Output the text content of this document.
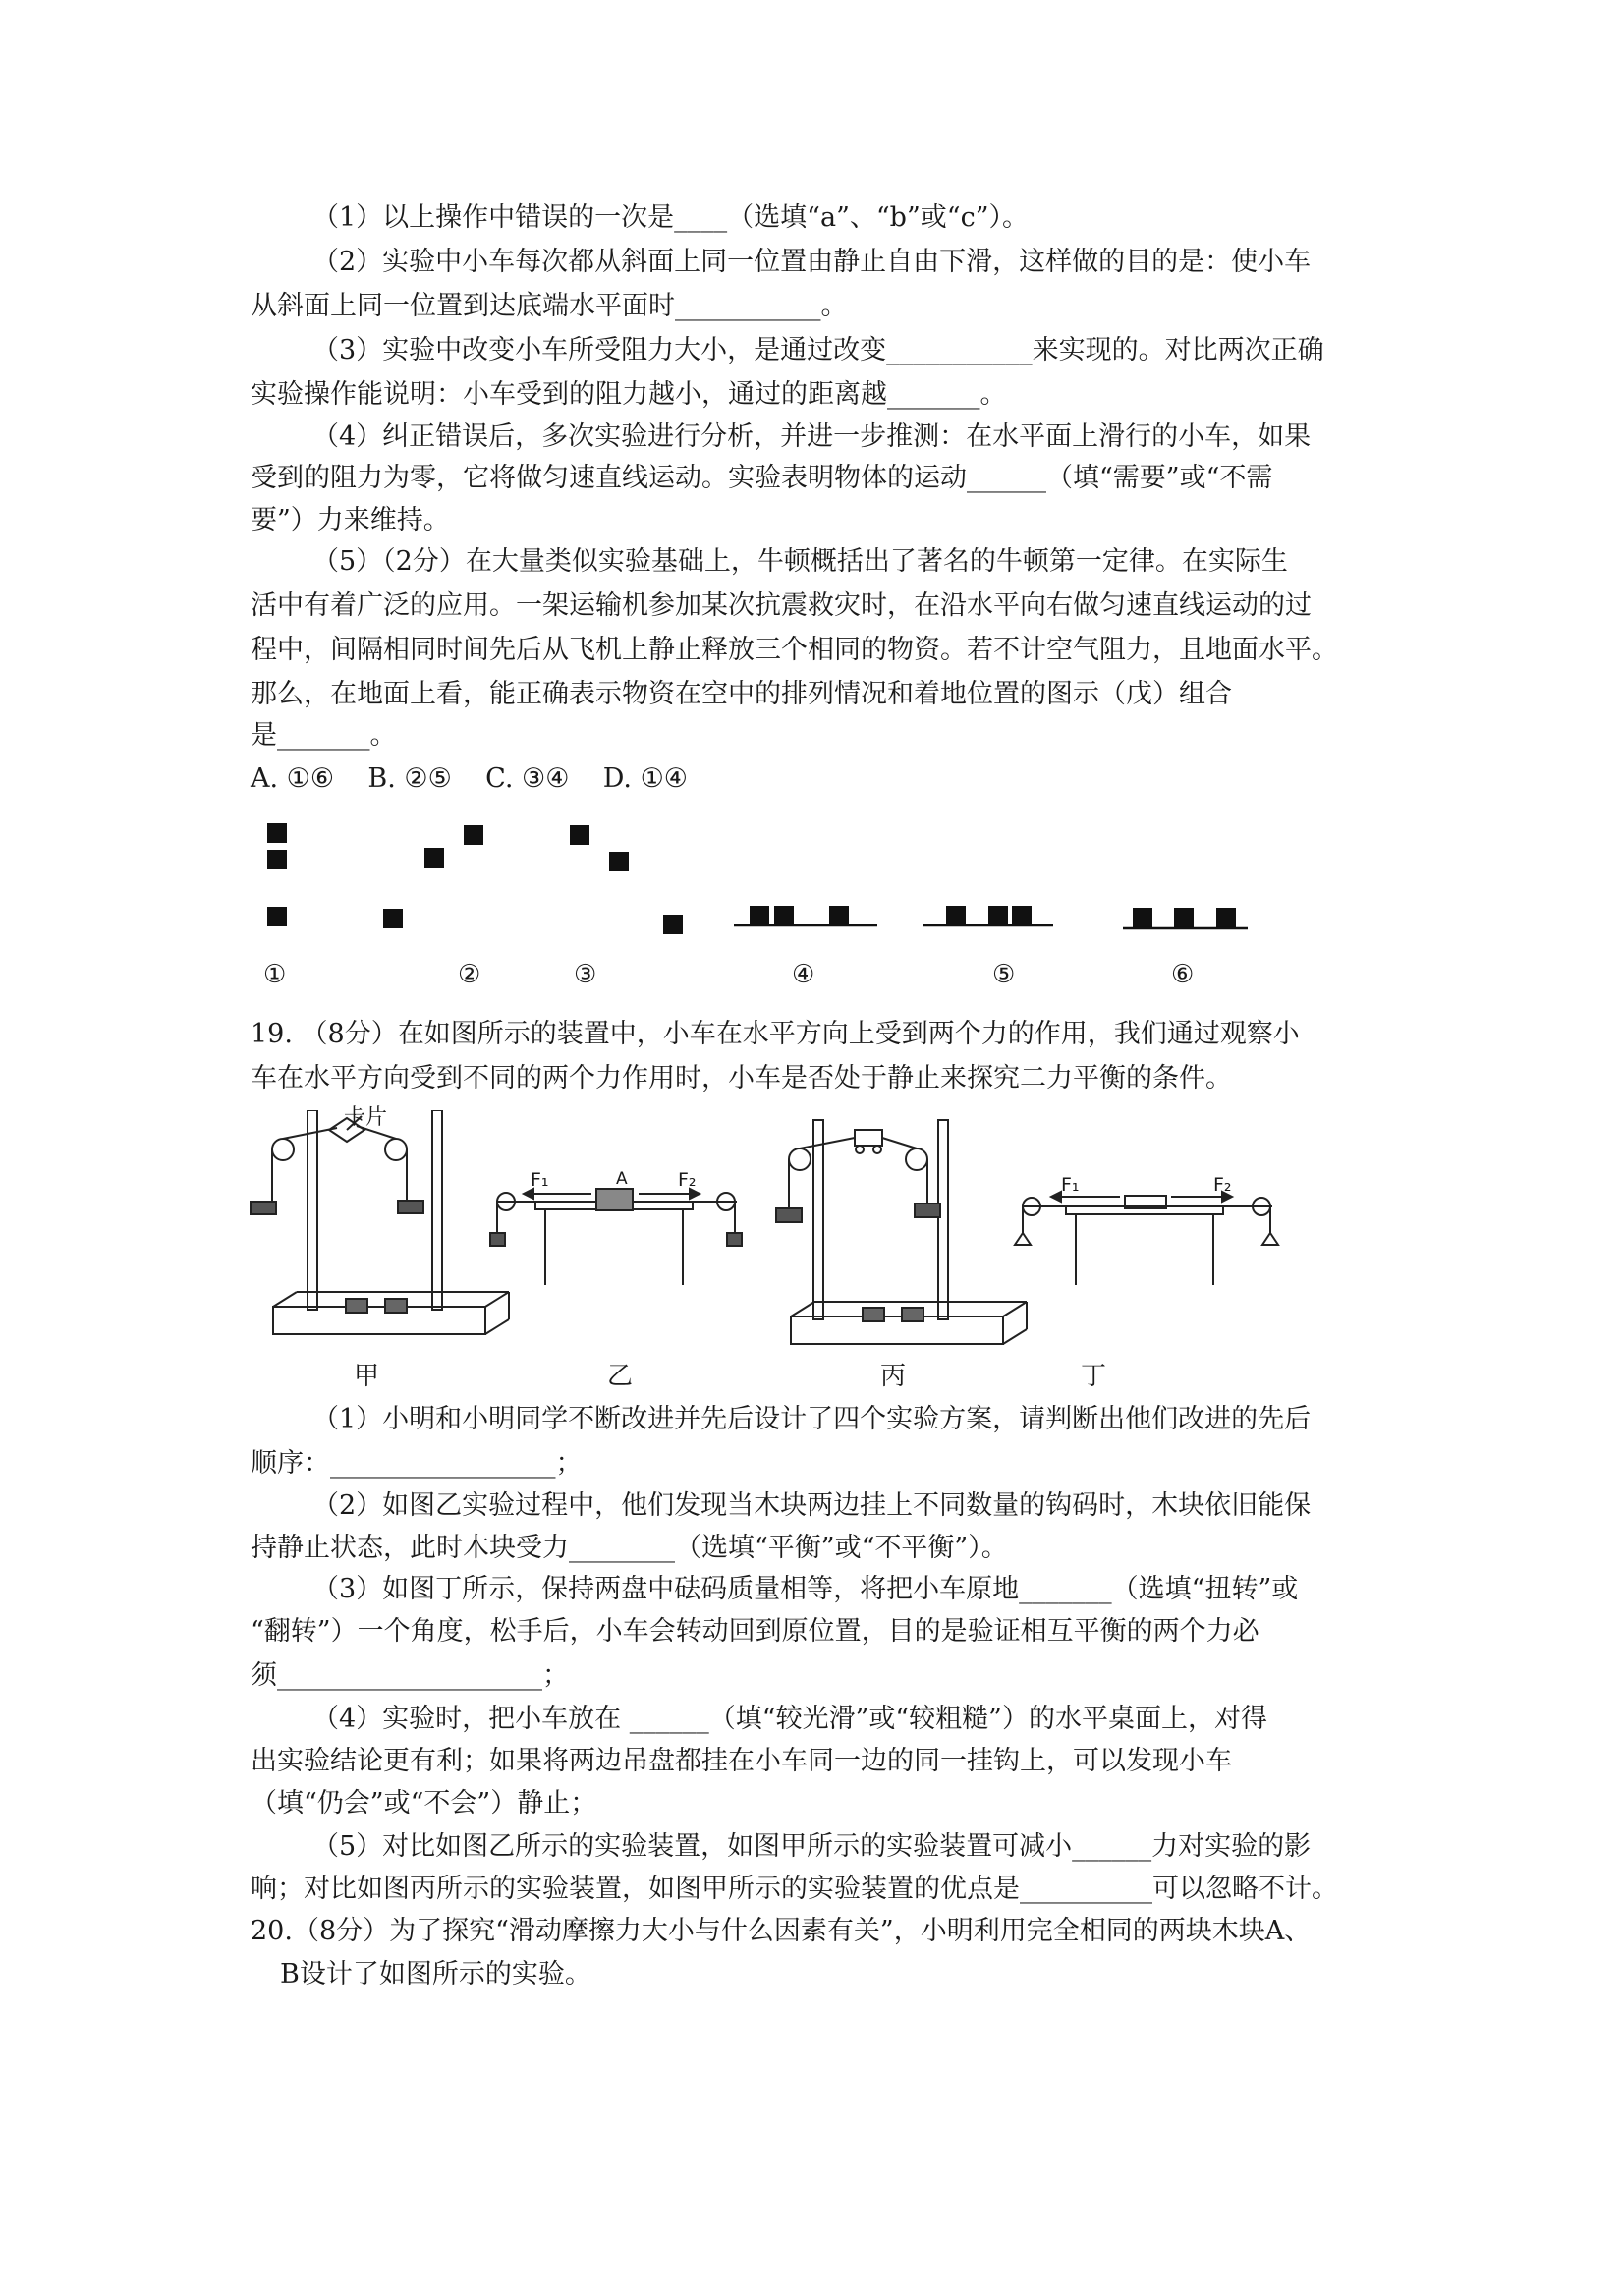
（1）以上操作中错误的一次是____（选填“a”、“b”或“c”）。
（2）实验中小车每次都从斜面上同一位置由静止自由下滑，这样做的目的是：使小车
从斜面上同一位置到达底端水平面时___________。
（3）实验中改变小车所受阻力大小，是通过改变___________来实现的。对比两次正确
实验操作能说明：小车受到的阻力越小，通过的距离越_______。
（4）纠正错误后，多次实验进行分析，并进一步推测：在水平面上滑行的小车，如果
受到的阻力为零，它将做匀速直线运动。实验表明物体的运动______（填“需要”或“不需
要”）力来维持。
（5）（2分）在大量类似实验基础上，牛顿概括出了著名的牛顿第一定律。在实际生
活中有着广泛的应用。一架运输机参加某次抗震救灾时，在沿水平向右做匀速直线运动的过
程中，间隔相同时间先后从飞机上静止释放三个相同的物资。若不计空气阻力，且地面水平。
那么，在地面上看，能正确表示物资在空中的排列情况和着地位置的图示（戊）组合
是_______。
A. ①⑥    B. ②⑤    C. ③④    D. ①④
①	②	③	④	⑤	⑥
19. （8分）在如图所示的装置中，小车在水平方向上受到两个力的作用，我们通过观察小
车在水平方向受到不同的两个力作用时，小车是否处于静止来探究二力平衡的条件。
卡片
A
F₁	F₂	F₁	F₂
甲	乙	丙	丁
（1）小明和小明同学不断改进并先后设计了四个实验方案，请判断出他们改进的先后
顺序：_________________；
（2）如图乙实验过程中，他们发现当木块两边挂上不同数量的钩码时，木块依旧能保
持静止状态，此时木块受力________（选填“平衡”或“不平衡”）。
（3）如图丁所示，保持两盘中砝码质量相等，将把小车原地_______（选填“扭转”或
“翻转”）一个角度，松手后，小车会转动回到原位置，目的是验证相互平衡的两个力必
须____________________；
（4）实验时，把小车放在 ______（填“较光滑”或“较粗糙”）的水平桌面上，对得
出实验结论更有利；如果将两边吊盘都挂在小车同一边的同一挂钩上，可以发现小车
（填“仍会”或“不会”）静止；
（5）对比如图乙所示的实验装置，如图甲所示的实验装置可减小______力对实验的影
响；对比如图丙所示的实验装置，如图甲所示的实验装置的优点是__________可以忽略不计。
20.（8分）为了探究“滑动摩擦力大小与什么因素有关”，小明利用完全相同的两块木块A、
B设计了如图所示的实验。
